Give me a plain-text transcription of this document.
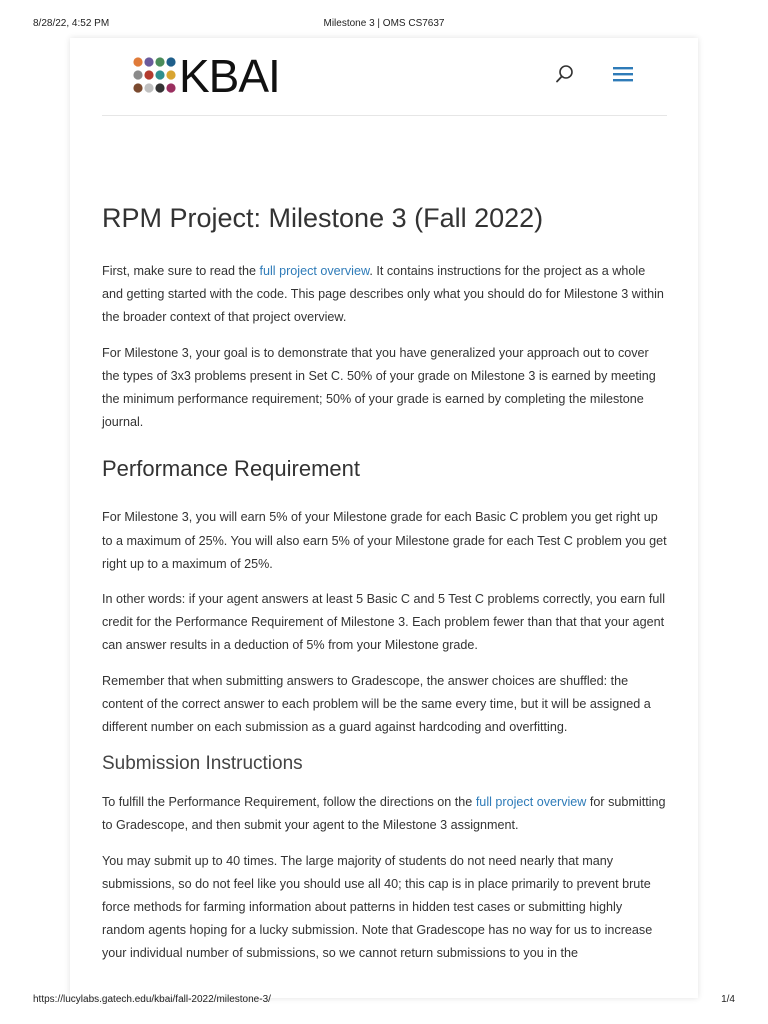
8/28/22, 4:52 PM	Milestone 3 | OMS CS7637
KBAI
RPM Project: Milestone 3 (Fall 2022)

First, make sure to read the full project overview. It contains instructions for the project as a whole and getting started with the code. This page describes only what you should do for Milestone 3 within the broader context of that project overview.

For Milestone 3, your goal is to demonstrate that you have generalized your approach out to cover the types of 3x3 problems present in Set C. 50% of your grade on Milestone 3 is earned by meeting the minimum performance requirement; 50% of your grade is earned by completing the milestone journal.

Performance Requirement

For Milestone 3, you will earn 5% of your Milestone grade for each Basic C problem you get right up to a maximum of 25%. You will also earn 5% of your Milestone grade for each Test C problem you get right up to a maximum of 25%.

In other words: if your agent answers at least 5 Basic C and 5 Test C problems correctly, you earn full credit for the Performance Requirement of Milestone 3. Each problem fewer than that that your agent can answer results in a deduction of 5% from your Milestone grade.

Remember that when submitting answers to Gradescope, the answer choices are shuffled: the content of the correct answer to each problem will be the same every time, but it will be assigned a different number on each submission as a guard against hardcoding and overfitting.

Submission Instructions

To fulfill the Performance Requirement, follow the directions on the full project overview for submitting to Gradescope, and then submit your agent to the Milestone 3 assignment.

You may submit up to 40 times. The large majority of students do not need nearly that many submissions, so do not feel like you should use all 40; this cap is in place primarily to prevent brute force methods for farming information about patterns in hidden test cases or submitting highly random agents hoping for a lucky submission. Note that Gradescope has no way for us to increase your individual number of submissions, so we cannot return submissions to you in the

https://lucylabs.gatech.edu/kbai/fall-2022/milestone-3/	1/4
